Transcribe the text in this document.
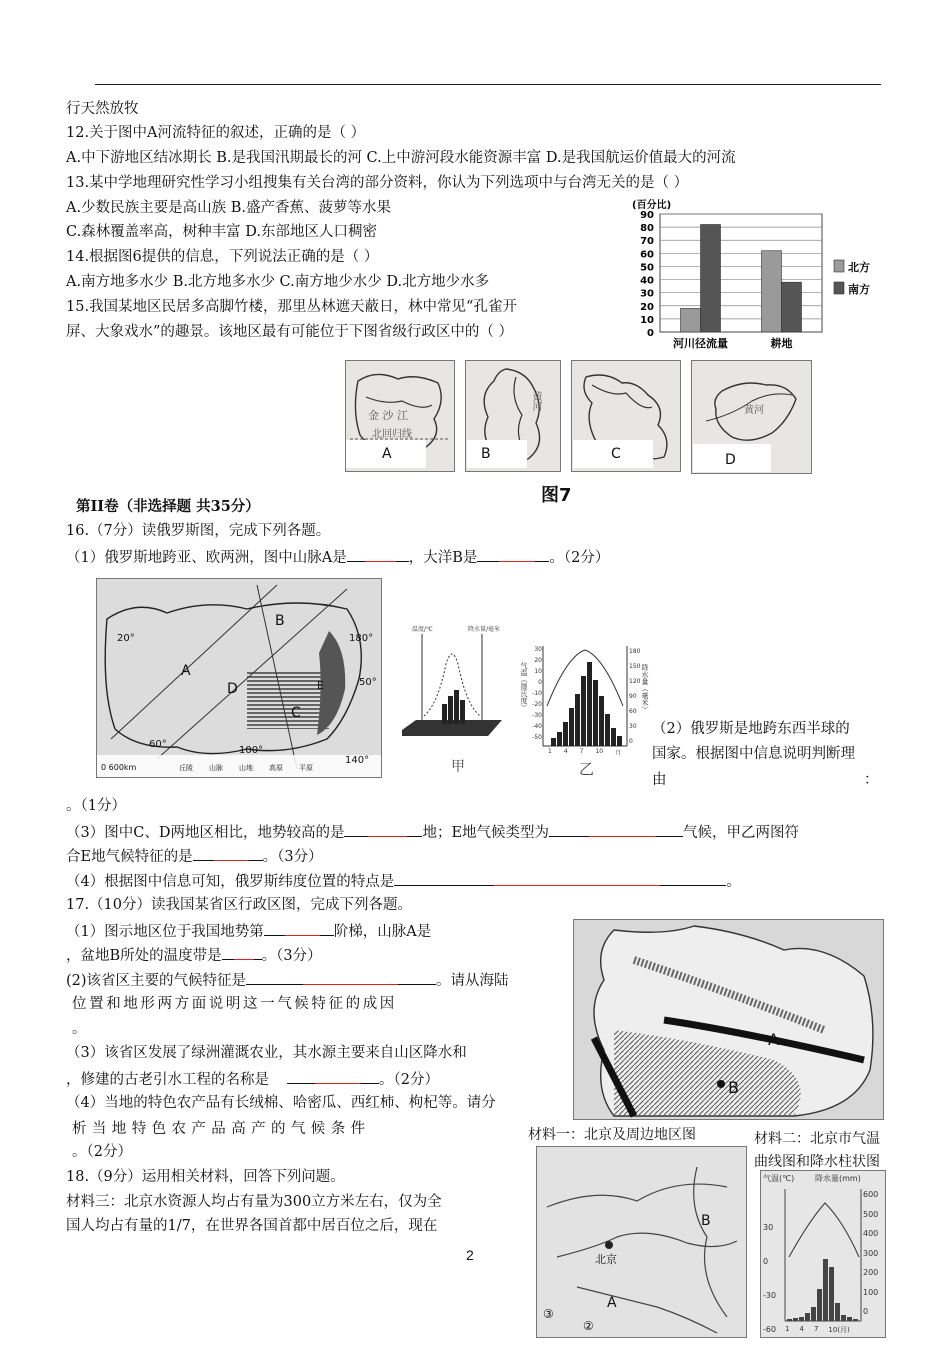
行天然放牧
12.关于图中A河流特征的叙述，正确的是（ ）
A.中下游地区结冰期长 B.是我国汛期最长的河 C.上中游河段水能资源丰富 D.是我国航运价值最大的河流
13.某中学地理研究性学习小组搜集有关台湾的部分资料，你认为下列选项中与台湾无关的是（ ）
A.少数民族主要是高山族 B.盛产香蕉、菠萝等水果
C.森林覆盖率高，树种丰富 D.东部地区人口稠密
14.根据图6提供的信息，下列说法正确的是（ ）
A.南方地多水少 B.北方地多水少 C.南方地少水少 D.北方地少水多
15.我国某地区民居多高脚竹楼，那里丛林遮天蔽日，林中常见“孔雀开
屏、大象戏水”的趣景。该地区最有可能位于下图省级行政区中的（ ）
(百分比)
0
10
20
30
40
50
60
70
80
90
河川径流量	耕地
北方
南方
金 沙 江
北回归线
A
黄河
B	C
黄河
D
图7
第II卷（非选择题 共35分）
16.（7分）读俄罗斯图，完成下列各题。
（1）俄罗斯地跨亚、欧两洲，图中山脉A是	，大洋B是	。（2分）
A
B
C
D	E
20°	180°
50°
60°
100°
140°
0 600km	丘陵 山脉 山地 高原 平原
温度/℃	降水量/毫米
甲
气温（摄氏度）	降水量（毫米）
30
20
10
0
-10
-20
-30
-40
-50
180
150
120
90
60
30
0
1 4 7 10 月
乙
（2）俄罗斯是地跨东西半球的
国家。根据图中信息说明判断理
由	：
。（1分）
（3）图中C、D两地区相比，地势较高的是	地；E地气候类型为	气候，甲乙两图符
合E地气候特征的是	。（3分）
（4）根据图中信息可知，俄罗斯纬度位置的特点是	。
17.（10分）读我国某省区行政区图，完成下列各题。
（1）图示地区位于我国地势第	阶梯，山脉A是
，盆地B所处的温度带是	。（3分）
(2)该省区主要的气候特征是	。请从海陆
位置和地形两方面说明这一气候特征的成因
。
（3）该省区发展了绿洲灌溉农业，其水源主要来自山区降水和
，修建的古老引水工程的名称是	。（2分）
（4）当地的特色农产品有长绒棉、哈密瓜、西红柿、枸杞等。请分
析当地特色农产品高产的气候条件
。（2分）
18.（9分）运用相关材料，回答下列问题。
材料三：北京水资源人均占有量为300立方米左右，仅为全
国人均占有量的1/7，在世界各国首都中居百位之后，现在
A
B
材料一：北京及周边地区图
B
北京
A
③
②
材料二：北京市气温
曲线图和降水柱状图
气温(℃)	降水量(mm)
30
0
-30
-60
600
500
400
300
200
100
0
1 4 7 10(月)
2
